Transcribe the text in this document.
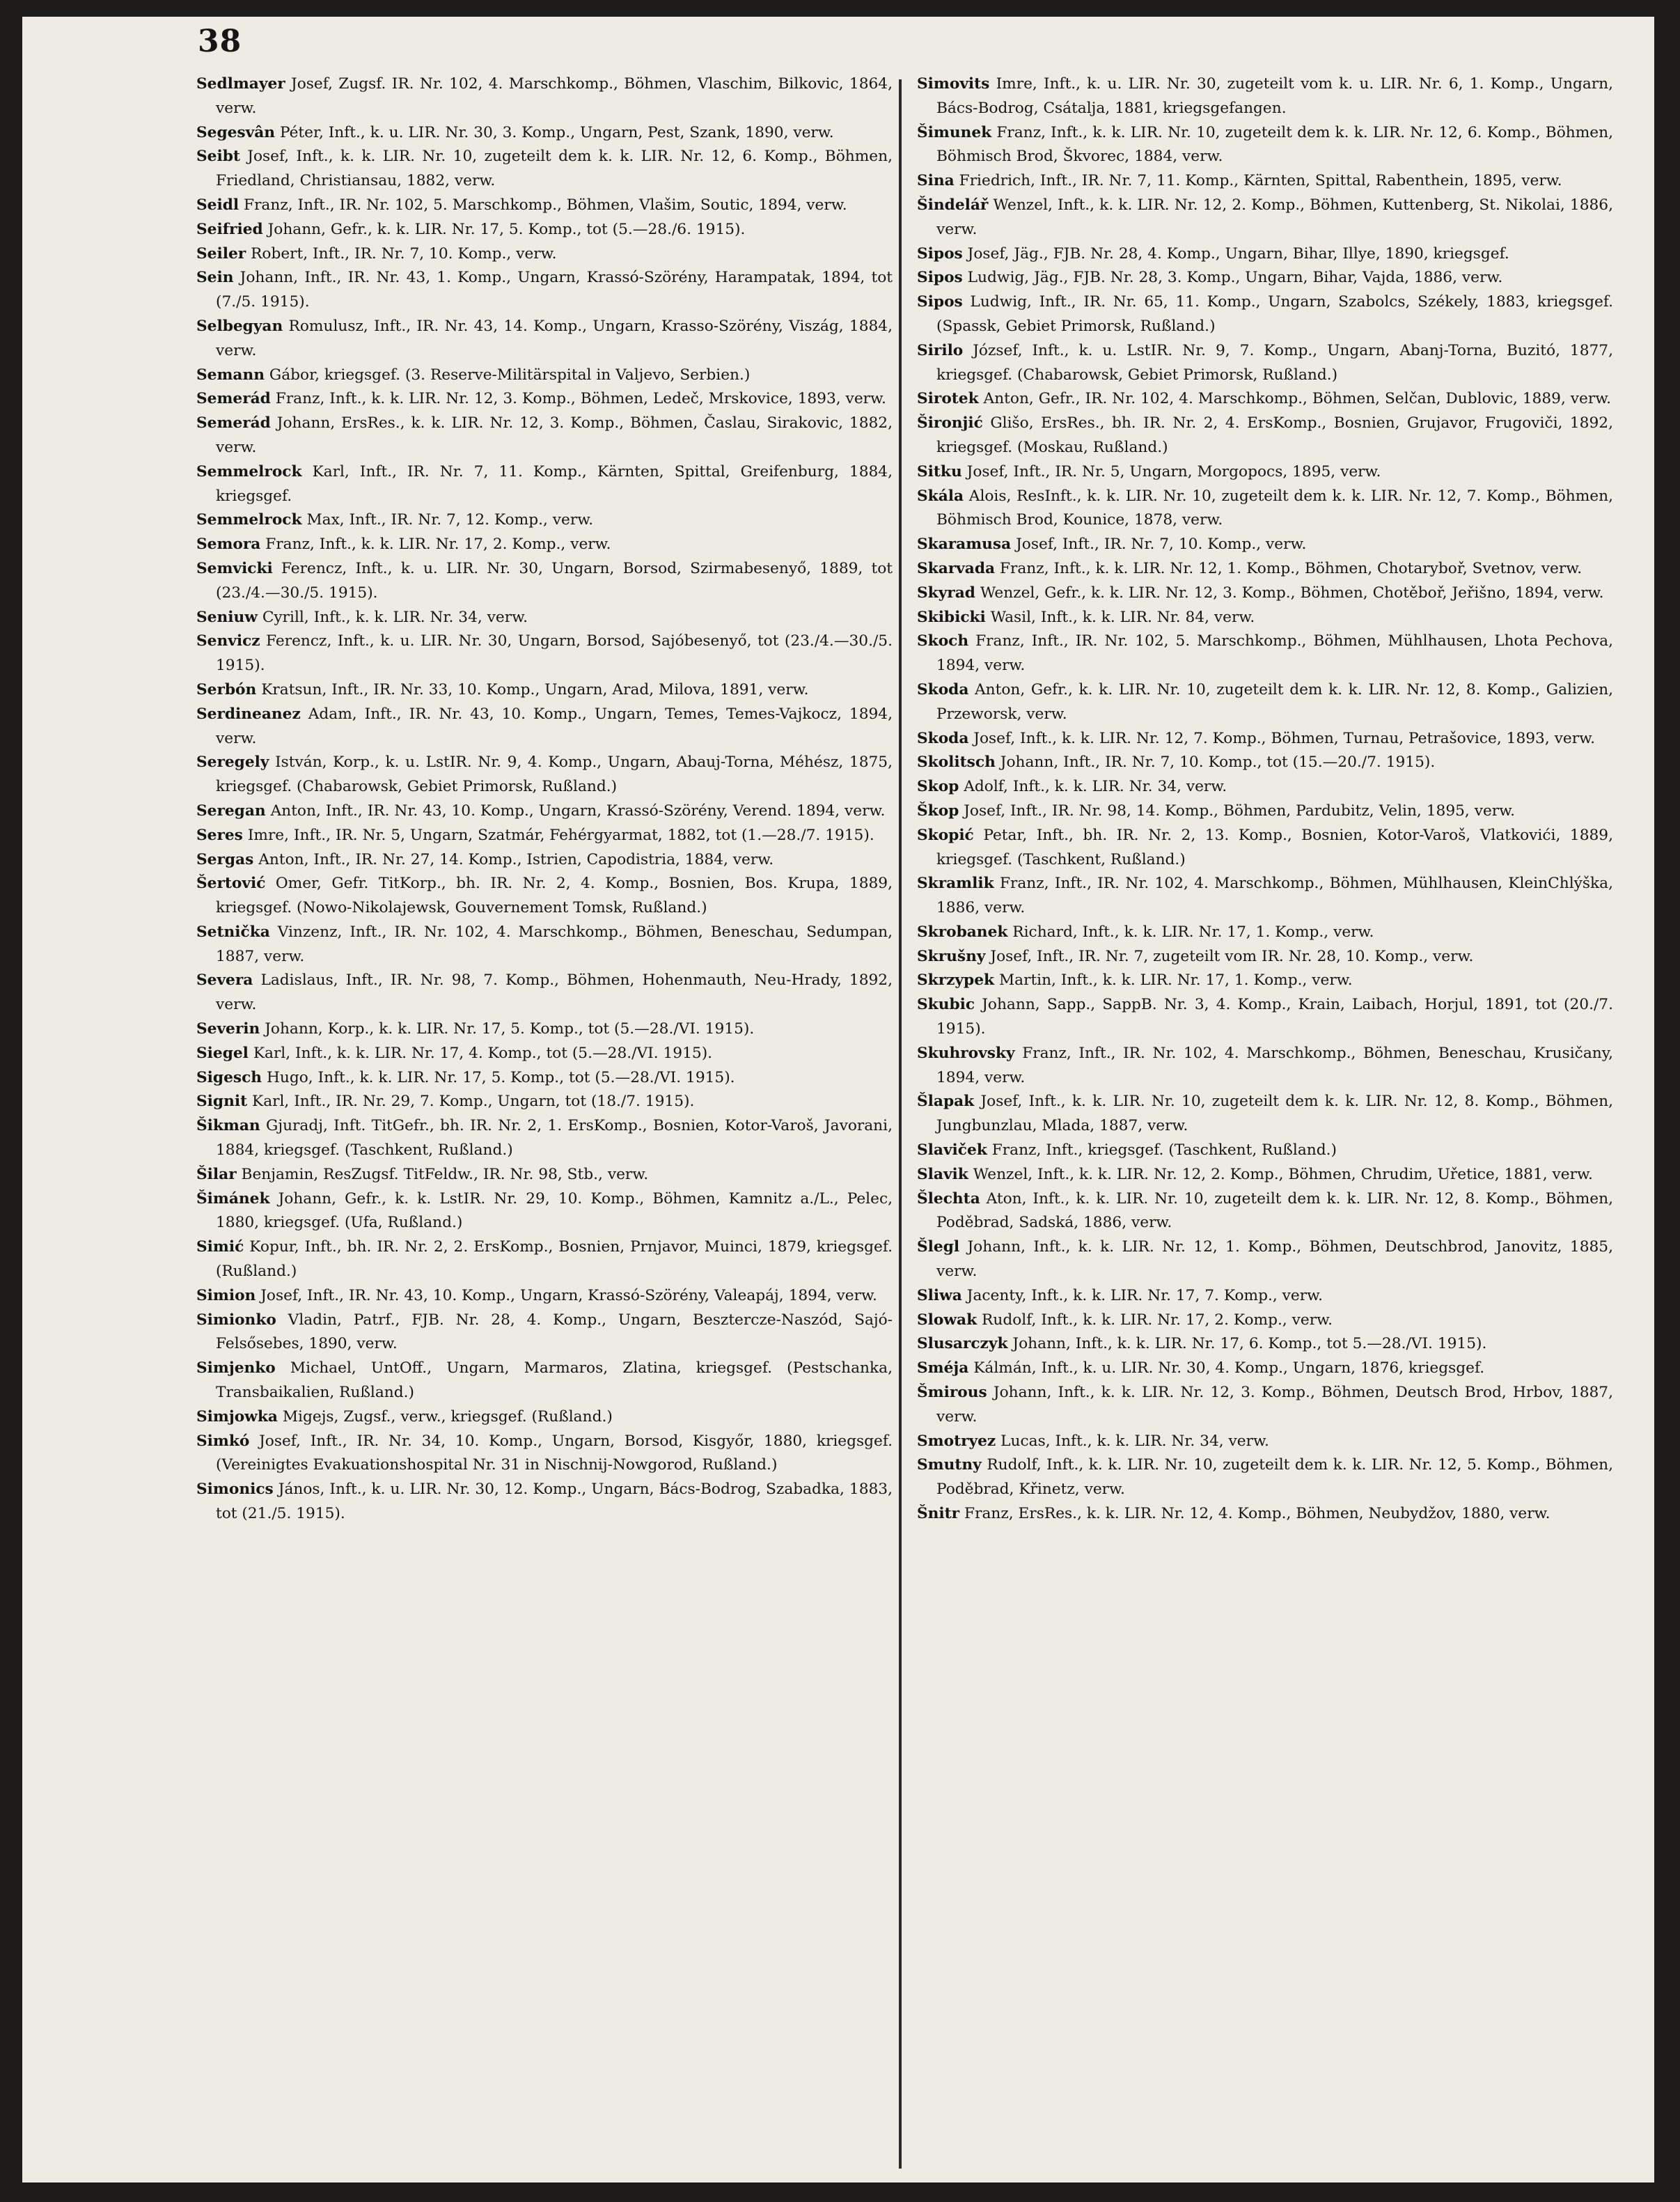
38

Sedlmayer Josef, Zugsf. IR. Nr. 102, 4. Marschkomp., Böhmen, Vlaschim, Bilkovic, 1864, verw.

Segesvân Péter, Inft., k. u. LIR. Nr. 30, 3. Komp., Ungarn, Pest, Szank, 1890, verw.

Seibt Josef, Inft., k. k. LIR. Nr. 10, zugeteilt dem k. k. LIR. Nr. 12, 6. Komp., Böhmen, Friedland, Christiansau, 1882, verw.

Seidl Franz, Inft., IR. Nr. 102, 5. Marschkomp., Böhmen, Vlašim, Soutic, 1894, verw.

Seifried Johann, Gefr., k. k. LIR. Nr. 17, 5. Komp., tot (5.—28./6. 1915).

Seiler Robert, Inft., IR. Nr. 7, 10. Komp., verw.

Sein Johann, Inft., IR. Nr. 43, 1. Komp., Ungarn, Krassó-Szörény, Harampatak, 1894, tot (7./5. 1915).

Selbegyan Romulusz, Inft., IR. Nr. 43, 14. Komp., Ungarn, Krasso-Szörény, Viszág, 1884, verw.

Semann Gábor, kriegsgef. (3. Reserve-Militärspital in Valjevo, Serbien.)

Semerád Franz, Inft., k. k. LIR. Nr. 12, 3. Komp., Böhmen, Ledeč, Mrskovice, 1893, verw.

Semerád Johann, ErsRes., k. k. LIR. Nr. 12, 3. Komp., Böhmen, Časlau, Sirakovic, 1882, verw.

Semmelrock Karl, Inft., IR. Nr. 7, 11. Komp., Kärnten, Spittal, Greifenburg, 1884, kriegsgef.

Semmelrock Max, Inft., IR. Nr. 7, 12. Komp., verw.

Semora Franz, Inft., k. k. LIR. Nr. 17, 2. Komp., verw.

Semvicki Ferencz, Inft., k. u. LIR. Nr. 30, Ungarn, Borsod, Szirmabesenyő, 1889, tot (23./4.—30./5. 1915).

Seniuw Cyrill, Inft., k. k. LIR. Nr. 34, verw.

Senvicz Ferencz, Inft., k. u. LIR. Nr. 30, Ungarn, Borsod, Sajóbesenyő, tot (23./4.—30./5. 1915).

Serbón Kratsun, Inft., IR. Nr. 33, 10. Komp., Ungarn, Arad, Milova, 1891, verw.

Serdineanez Adam, Inft., IR. Nr. 43, 10. Komp., Ungarn, Temes, Temes-Vajkocz, 1894, verw.

Seregely István, Korp., k. u. LstIR. Nr. 9, 4. Komp., Ungarn, Abauj-Torna, Méhész, 1875, kriegsgef. (Chabarowsk, Gebiet Primorsk, Rußland.)

Seregan Anton, Inft., IR. Nr. 43, 10. Komp., Ungarn, Krassó-Szörény, Verend. 1894, verw.

Seres Imre, Inft., IR. Nr. 5, Ungarn, Szatmár, Fehérgyarmat, 1882, tot (1.—28./7. 1915).

Sergas Anton, Inft., IR. Nr. 27, 14. Komp., Istrien, Capodistria, 1884, verw.

Šertović Omer, Gefr. TitKorp., bh. IR. Nr. 2, 4. Komp., Bosnien, Bos. Krupa, 1889, kriegsgef. (Nowo-Nikolajewsk, Gouvernement Tomsk, Rußland.)

Setnička Vinzenz, Inft., IR. Nr. 102, 4. Marschkomp., Böhmen, Beneschau, Sedumpan, 1887, verw.

Severa Ladislaus, Inft., IR. Nr. 98, 7. Komp., Böhmen, Hohenmauth, Neu-Hrady, 1892, verw.

Severin Johann, Korp., k. k. LIR. Nr. 17, 5. Komp., tot (5.—28./VI. 1915).

Siegel Karl, Inft., k. k. LIR. Nr. 17, 4. Komp., tot (5.—28./VI. 1915).

Sigesch Hugo, Inft., k. k. LIR. Nr. 17, 5. Komp., tot (5.—28./VI. 1915).

Signit Karl, Inft., IR. Nr. 29, 7. Komp., Ungarn, tot (18./7. 1915).

Šikman Gjuradj, Inft. TitGefr., bh. IR. Nr. 2, 1. ErsKomp., Bosnien, Kotor-Varoš, Javorani, 1884, kriegsgef. (Taschkent, Rußland.)

Šilar Benjamin, ResZugsf. TitFeldw., IR. Nr. 98, Stb., verw.

Šimánek Johann, Gefr., k. k. LstIR. Nr. 29, 10. Komp., Böhmen, Kamnitz a./L., Pelec, 1880, kriegsgef. (Ufa, Rußland.)

Simić Kopur, Inft., bh. IR. Nr. 2, 2. ErsKomp., Bosnien, Prnjavor, Muinci, 1879, kriegsgef. (Rußland.)

Simion Josef, Inft., IR. Nr. 43, 10. Komp., Ungarn, Krassó-Szörény, Valeapáj, 1894, verw.

Simionko Vladin, Patrf., FJB. Nr. 28, 4. Komp., Ungarn, Besztercze-Naszód, Sajó-Felsősebes, 1890, verw.

Simjenko Michael, UntOff., Ungarn, Marmaros, Zlatina, kriegsgef. (Pestschanka, Transbaikalien, Rußland.)

Simjowka Migejs, Zugsf., verw., kriegsgef. (Rußland.)

Simkó Josef, Inft., IR. Nr. 34, 10. Komp., Ungarn, Borsod, Kisgyőr, 1880, kriegsgef. (Vereinigtes Evakuationshospital Nr. 31 in Nischnij-Nowgorod, Rußland.)

Simonics János, Inft., k. u. LIR. Nr. 30, 12. Komp., Ungarn, Bács-Bodrog, Szabadka, 1883, tot (21./5. 1915).

Simovits Imre, Inft., k. u. LIR. Nr. 30, zugeteilt vom k. u. LIR. Nr. 6, 1. Komp., Ungarn, Bács-Bodrog, Csátalja, 1881, kriegsgefangen.

Šimunek Franz, Inft., k. k. LIR. Nr. 10, zugeteilt dem k. k. LIR. Nr. 12, 6. Komp., Böhmen, Böhmisch Brod, Škvorec, 1884, verw.

Sina Friedrich, Inft., IR. Nr. 7, 11. Komp., Kärnten, Spittal, Rabenthein, 1895, verw.

Šindelář Wenzel, Inft., k. k. LIR. Nr. 12, 2. Komp., Böhmen, Kuttenberg, St. Nikolai, 1886, verw.

Sipos Josef, Jäg., FJB. Nr. 28, 4. Komp., Ungarn, Bihar, Illye, 1890, kriegsgef.

Sipos Ludwig, Jäg., FJB. Nr. 28, 3. Komp., Ungarn, Bihar, Vajda, 1886, verw.

Sipos Ludwig, Inft., IR. Nr. 65, 11. Komp., Ungarn, Szabolcs, Székely, 1883, kriegsgef. (Spassk, Gebiet Primorsk, Rußland.)

Sirilo József, Inft., k. u. LstIR. Nr. 9, 7. Komp., Ungarn, Abanj-Torna, Buzitó, 1877, kriegsgef. (Chabarowsk, Gebiet Primorsk, Rußland.)

Sirotek Anton, Gefr., IR. Nr. 102, 4. Marschkomp., Böhmen, Selčan, Dublovic, 1889, verw.

Šironjić Glišo, ErsRes., bh. IR. Nr. 2, 4. ErsKomp., Bosnien, Grujavor, Frugoviči, 1892, kriegsgef. (Moskau, Rußland.)

Sitku Josef, Inft., IR. Nr. 5, Ungarn, Morgopocs, 1895, verw.

Skála Alois, ResInft., k. k. LIR. Nr. 10, zugeteilt dem k. k. LIR. Nr. 12, 7. Komp., Böhmen, Böhmisch Brod, Kounice, 1878, verw.

Skaramusa Josef, Inft., IR. Nr. 7, 10. Komp., verw.

Skarvada Franz, Inft., k. k. LIR. Nr. 12, 1. Komp., Böhmen, Chotaryboř, Svetnov, verw.

Skyrad Wenzel, Gefr., k. k. LIR. Nr. 12, 3. Komp., Böhmen, Chotěboř, Jeřišno, 1894, verw.

Skibicki Wasil, Inft., k. k. LIR. Nr. 84, verw.

Skoch Franz, Inft., IR. Nr. 102, 5. Marschkomp., Böhmen, Mühlhausen, Lhota Pechova, 1894, verw.

Skoda Anton, Gefr., k. k. LIR. Nr. 10, zugeteilt dem k. k. LIR. Nr. 12, 8. Komp., Galizien, Przeworsk, verw.

Skoda Josef, Inft., k. k. LIR. Nr. 12, 7. Komp., Böhmen, Turnau, Petrašovice, 1893, verw.

Skolitsch Johann, Inft., IR. Nr. 7, 10. Komp., tot (15.—20./7. 1915).

Skop Adolf, Inft., k. k. LIR. Nr. 34, verw.

Škop Josef, Inft., IR. Nr. 98, 14. Komp., Böhmen, Pardubitz, Velin, 1895, verw.

Skopić Petar, Inft., bh. IR. Nr. 2, 13. Komp., Bosnien, Kotor-Varoš, Vlatkovići, 1889, kriegsgef. (Taschkent, Rußland.)

Skramlik Franz, Inft., IR. Nr. 102, 4. Marschkomp., Böhmen, Mühlhausen, KleinChlýška, 1886, verw.

Skrobanek Richard, Inft., k. k. LIR. Nr. 17, 1. Komp., verw.

Skrušny Josef, Inft., IR. Nr. 7, zugeteilt vom IR. Nr. 28, 10. Komp., verw.

Skrzypek Martin, Inft., k. k. LIR. Nr. 17, 1. Komp., verw.

Skubic Johann, Sapp., SappB. Nr. 3, 4. Komp., Krain, Laibach, Horjul, 1891, tot (20./7. 1915).

Skuhrovsky Franz, Inft., IR. Nr. 102, 4. Marschkomp., Böhmen, Beneschau, Krusičany, 1894, verw.

Šlapak Josef, Inft., k. k. LIR. Nr. 10, zugeteilt dem k. k. LIR. Nr. 12, 8. Komp., Böhmen, Jungbunzlau, Mlada, 1887, verw.

Slaviček Franz, Inft., kriegsgef. (Taschkent, Rußland.)

Slavik Wenzel, Inft., k. k. LIR. Nr. 12, 2. Komp., Böhmen, Chrudim, Uřetice, 1881, verw.

Šlechta Aton, Inft., k. k. LIR. Nr. 10, zugeteilt dem k. k. LIR. Nr. 12, 8. Komp., Böhmen, Poděbrad, Sadská, 1886, verw.

Šlegl Johann, Inft., k. k. LIR. Nr. 12, 1. Komp., Böhmen, Deutschbrod, Janovitz, 1885, verw.

Sliwa Jacenty, Inft., k. k. LIR. Nr. 17, 7. Komp., verw.

Slowak Rudolf, Inft., k. k. LIR. Nr. 17, 2. Komp., verw.

Slusarczyk Johann, Inft., k. k. LIR. Nr. 17, 6. Komp., tot 5.—28./VI. 1915).

Sméja Kálmán, Inft., k. u. LIR. Nr. 30, 4. Komp., Ungarn, 1876, kriegsgef.

Šmirous Johann, Inft., k. k. LIR. Nr. 12, 3. Komp., Böhmen, Deutsch Brod, Hrbov, 1887, verw.

Smotryez Lucas, Inft., k. k. LIR. Nr. 34, verw.

Smutny Rudolf, Inft., k. k. LIR. Nr. 10, zugeteilt dem k. k. LIR. Nr. 12, 5. Komp., Böhmen, Poděbrad, Křinetz, verw.

Šnitr Franz, ErsRes., k. k. LIR. Nr. 12, 4. Komp., Böhmen, Neubydžov, 1880, verw.
